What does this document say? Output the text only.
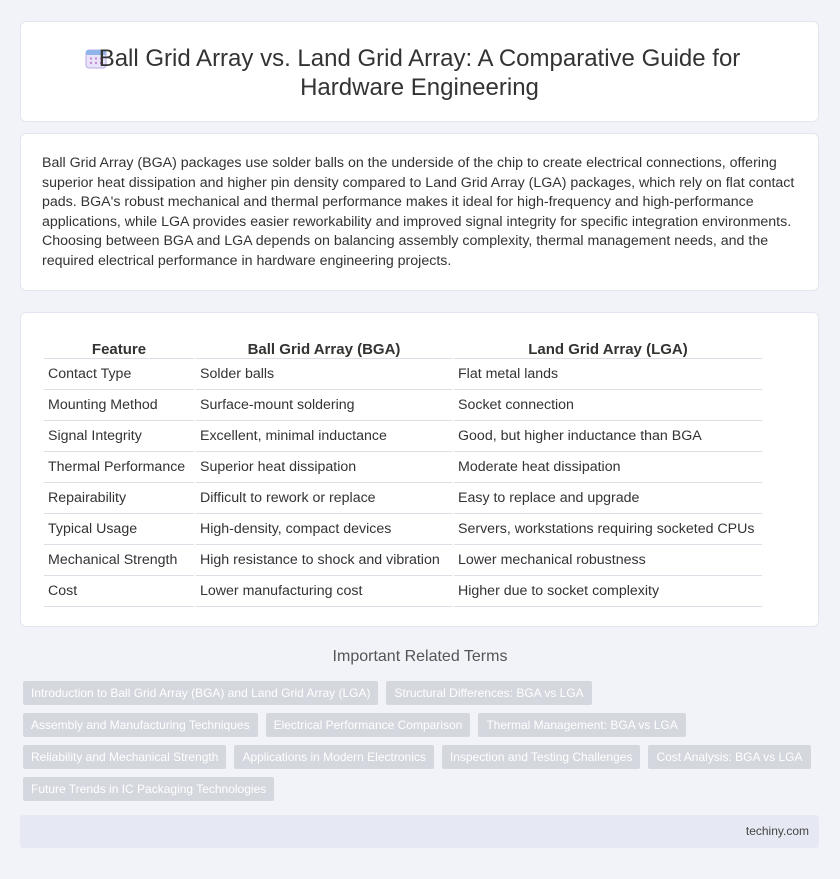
Ball Grid Array vs. Land Grid Array: A Comparative Guide for Hardware Engineering
Ball Grid Array (BGA) packages use solder balls on the underside of the chip to create electrical connections, offering superior heat dissipation and higher pin density compared to Land Grid Array (LGA) packages, which rely on flat contact pads. BGA's robust mechanical and thermal performance makes it ideal for high-frequency and high-performance applications, while LGA provides easier reworkability and improved signal integrity for specific integration environments. Choosing between BGA and LGA depends on balancing assembly complexity, thermal management needs, and the required electrical performance in hardware engineering projects.
Feature	Ball Grid Array (BGA)	Land Grid Array (LGA)
Contact Type	Solder balls	Flat metal lands
Mounting Method	Surface-mount soldering	Socket connection
Signal Integrity	Excellent, minimal inductance	Good, but higher inductance than BGA
Thermal Performance	Superior heat dissipation	Moderate heat dissipation
Repairability	Difficult to rework or replace	Easy to replace and upgrade
Typical Usage	High-density, compact devices	Servers, workstations requiring socketed CPUs
Mechanical Strength	High resistance to shock and vibration	Lower mechanical robustness
Cost	Lower manufacturing cost	Higher due to socket complexity
Important Related Terms
Introduction to Ball Grid Array (BGA) and Land Grid Array (LGA)	Structural Differences: BGA vs LGA
Assembly and Manufacturing Techniques	Electrical Performance Comparison	Thermal Management: BGA vs LGA
Reliability and Mechanical Strength	Applications in Modern Electronics	Inspection and Testing Challenges	Cost Analysis: BGA vs LGA
Future Trends in IC Packaging Technologies
techiny.com
